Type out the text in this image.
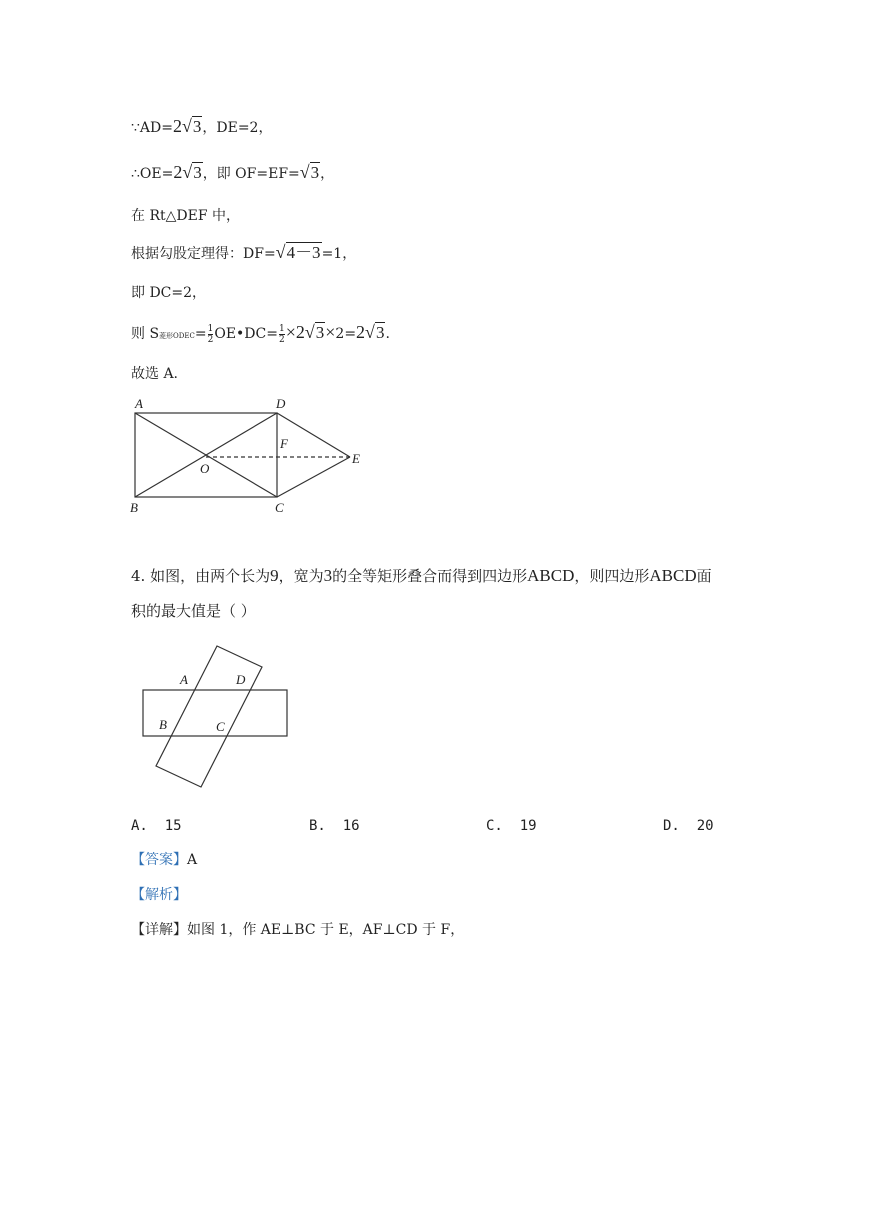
∵AD=2√3，DE=2，
∴OE=2√3，即 OF=EF=√3，
在 Rt△DEF 中，
根据勾股定理得：DF=√4－3=1，
即 DC=2，
则 S菱形ODEC= $\frac{1}{2}$ OE•DC= $\frac{1}{2} \times 2√3\times 2=2√3$.
故选 A.
A	D
F
O
E
B	C
4. 如图，由两个长为9，宽为3的全等矩形叠合而得到四边形ABCD，则四边形ABCD面
积的最大值是（ ）
A	D
B	C
A. 15	B. 16	C. 19	D. 20
【答案】A
【解析】
【详解】如图 1，作 AE⊥BC 于 E，AF⊥CD 于 F，
